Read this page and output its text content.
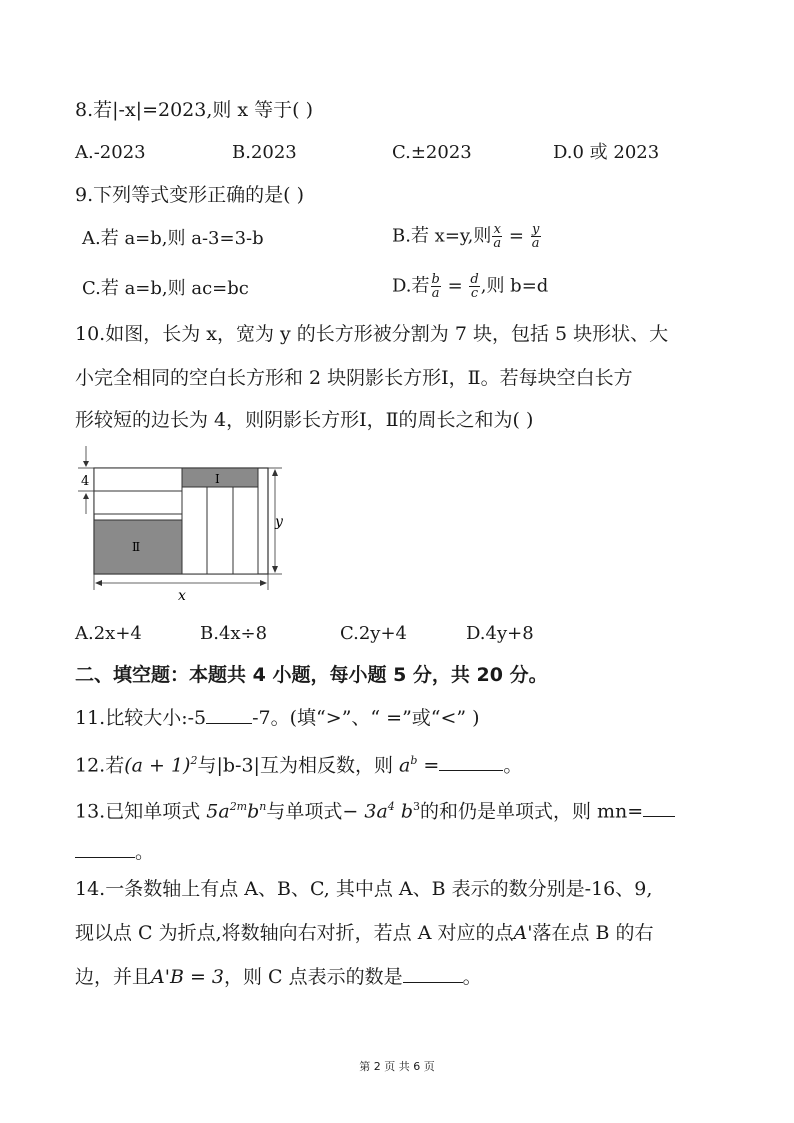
8.若|-x|=2023,则 x 等于( )
A.-2023	B.2023	C.±2023	D.0 或 2023
9.下列等式变形正确的是( )
A.若 a=b,则 a-3=3-b	B.若 x=y,则 $\frac{x}{a} = \frac{y}{a}$
C.若 a=b,则 ac=bc	D.若 $\frac{b}{a} = \frac{d}{c}$ ,则 b=d
10.如图，长为 x，宽为 y 的长方形被分割为 7 块，包括 5 块形状、大
小完全相同的空白长方形和 2 块阴影长方形Ⅰ，Ⅱ。若每块空白长方
形较短的边长为 4，则阴影长方形Ⅰ，Ⅱ的周长之和为( )
4
y
x
Ⅰ
Ⅱ
A.2x+4	B.4x÷8	C.2y+4	D.4y+8
二、填空题：本题共 4 小题，每小题 5 分，共 20 分。
11.比较大小:-5 -7。(填“>”、“ =”或“<” )
12.若$(a + 1)^2$与|b-3|互为相反数，则 $a^b$ =	。
13.已知单项式 $5a^{2m}b^n$与单项式− $3a^4$ $b^3$的和仍是单项式，则 mn=
。
14.一条数轴上有点 A、B、C, 其中点 A、B 表示的数分别是-16、9,
现以点 C 为折点,将数轴向右对折，若点 A 对应的点A'落在点 B 的右
边，并且A'B = 3，则 C 点表示的数是	。
第 2 页 共 6 页
